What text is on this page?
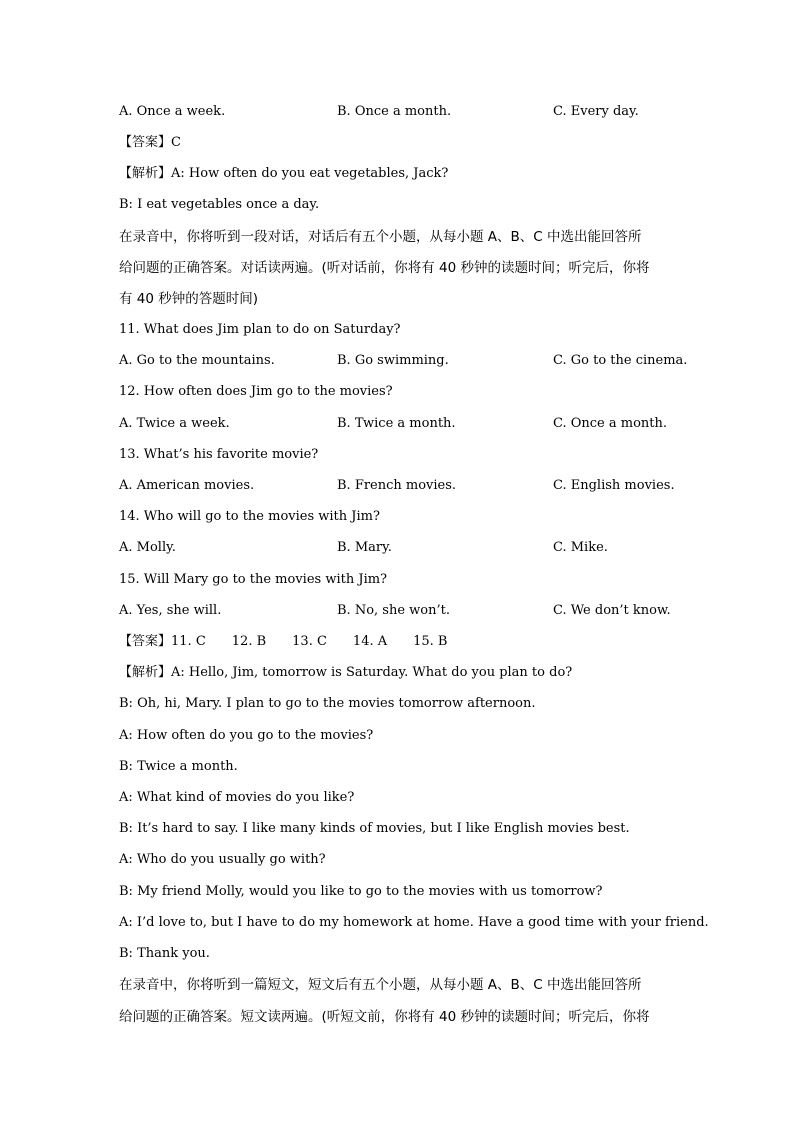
A. Once a week.	B. Once a month.	C. Every day.
【答案】C
【解析】A: How often do you eat vegetables, Jack?
B: I eat vegetables once a day.
在录音中，你将听到一段对话，对话后有五个小题，从每小题 A、B、C 中选出能回答所
给问题的正确答案。对话读两遍。(听对话前，你将有 40 秒钟的读题时间；听完后，你将
有 40 秒钟的答题时间)
11. What does Jim plan to do on Saturday?
A. Go to the mountains.	B. Go swimming.	C. Go to the cinema.
12. How often does Jim go to the movies?
A. Twice a week.	B. Twice a month.	C. Once a month.
13. What’s his favorite movie?
A. American movies.	B. French movies.	C. English movies.
14. Who will go to the movies with Jim?
A. Molly.	B. Mary.	C. Mike.
15. Will Mary go to the movies with Jim?
A. Yes, she will.	B. No, she won’t.	C. We don’t know.
【答案】11. C 12. B 13. C 14. A 15. B
【解析】A: Hello, Jim, tomorrow is Saturday. What do you plan to do?
B: Oh, hi, Mary. I plan to go to the movies tomorrow afternoon.
A: How often do you go to the movies?
B: Twice a month.
A: What kind of movies do you like?
B: It’s hard to say. I like many kinds of movies, but I like English movies best.
A: Who do you usually go with?
B: My friend Molly, would you like to go to the movies with us tomorrow?
A: I’d love to, but I have to do my homework at home. Have a good time with your friend.
B: Thank you.
在录音中，你将听到一篇短文，短文后有五个小题，从每小题 A、B、C 中选出能回答所
给问题的正确答案。短文读两遍。(听短文前，你将有 40 秒钟的读题时间；听完后，你将
